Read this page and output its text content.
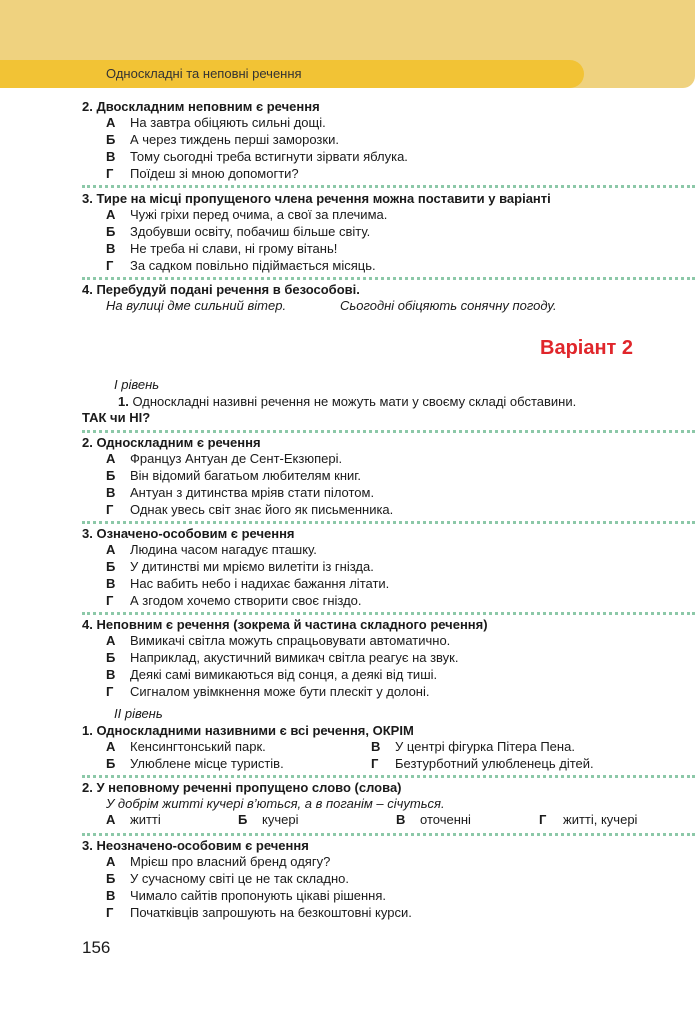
Односкладні та неповні речення
2. Двоскладним неповним є речення
А	На завтра обіцяють сильні дощі.
Б	А через тиждень перші заморозки.
В	Тому сьогодні треба встигнути зірвати яблука.
Г	Поїдеш зі мною допомогти?
3. Тире на місці пропущеного члена речення можна поставити у варіанті
А	Чужі гріхи перед очима, а свої за плечима.
Б	Здобувши освіту, побачиш більше світу.
В	Не треба ні слави, ні грому вітань!
Г	За садком повільно підіймається місяць.
4. Перебудуй подані речення в безособові.
На вулиці дме сильний вітер.	Сьогодні обіцяють сонячну погоду.
Варіант 2
І рівень
1. Односкладні називні речення не можуть мати у своєму складі обставини.
ТАК чи НІ?
2. Односкладним є речення
А	Француз Антуан де Сент-Екзюпері.
Б	Він відомий багатьом любителям книг.
В	Антуан з дитинства мріяв стати пілотом.
Г	Однак увесь світ знає його як письменника.
3. Означено-особовим є речення
А	Людина часом нагадує пташку.
Б	У дитинстві ми мріємо вилетіти із гнізда.
В	Нас вабить небо і надихає бажання літати.
Г	А згодом хочемо створити своє гніздо.
4. Неповним є речення (зокрема й частина складного речення)
А	Вимикачі світла можуть спрацьовувати автоматично.
Б	Наприклад, акустичний вимикач світла реагує на звук.
В	Деякі самі вимикаються від сонця, а деякі від тиші.
Г	Сигналом увімкнення може бути плескіт у долоні.
ІІ рівень
1. Односкладними називними є всі речення, ОКРІМ
А	Кенсингтонський парк.	В	У центрі фігурка Пітера Пена.
Б	Улюблене місце туристів.	Г	Безтурботний улюбленець дітей.
2. У неповному реченні пропущено слово (слова)
У добрім житті кучері в’ються, а в поганім – січуться.
А	житті	Б	кучері	В	оточенні	Г	житті, кучері
3. Неозначено-особовим є речення
А	Мрієш про власний бренд одягу?
Б	У сучасному світі це не так складно.
В	Чимало сайтів пропонують цікаві рішення.
Г	Початківців запрошують на безкоштовні курси.
156
